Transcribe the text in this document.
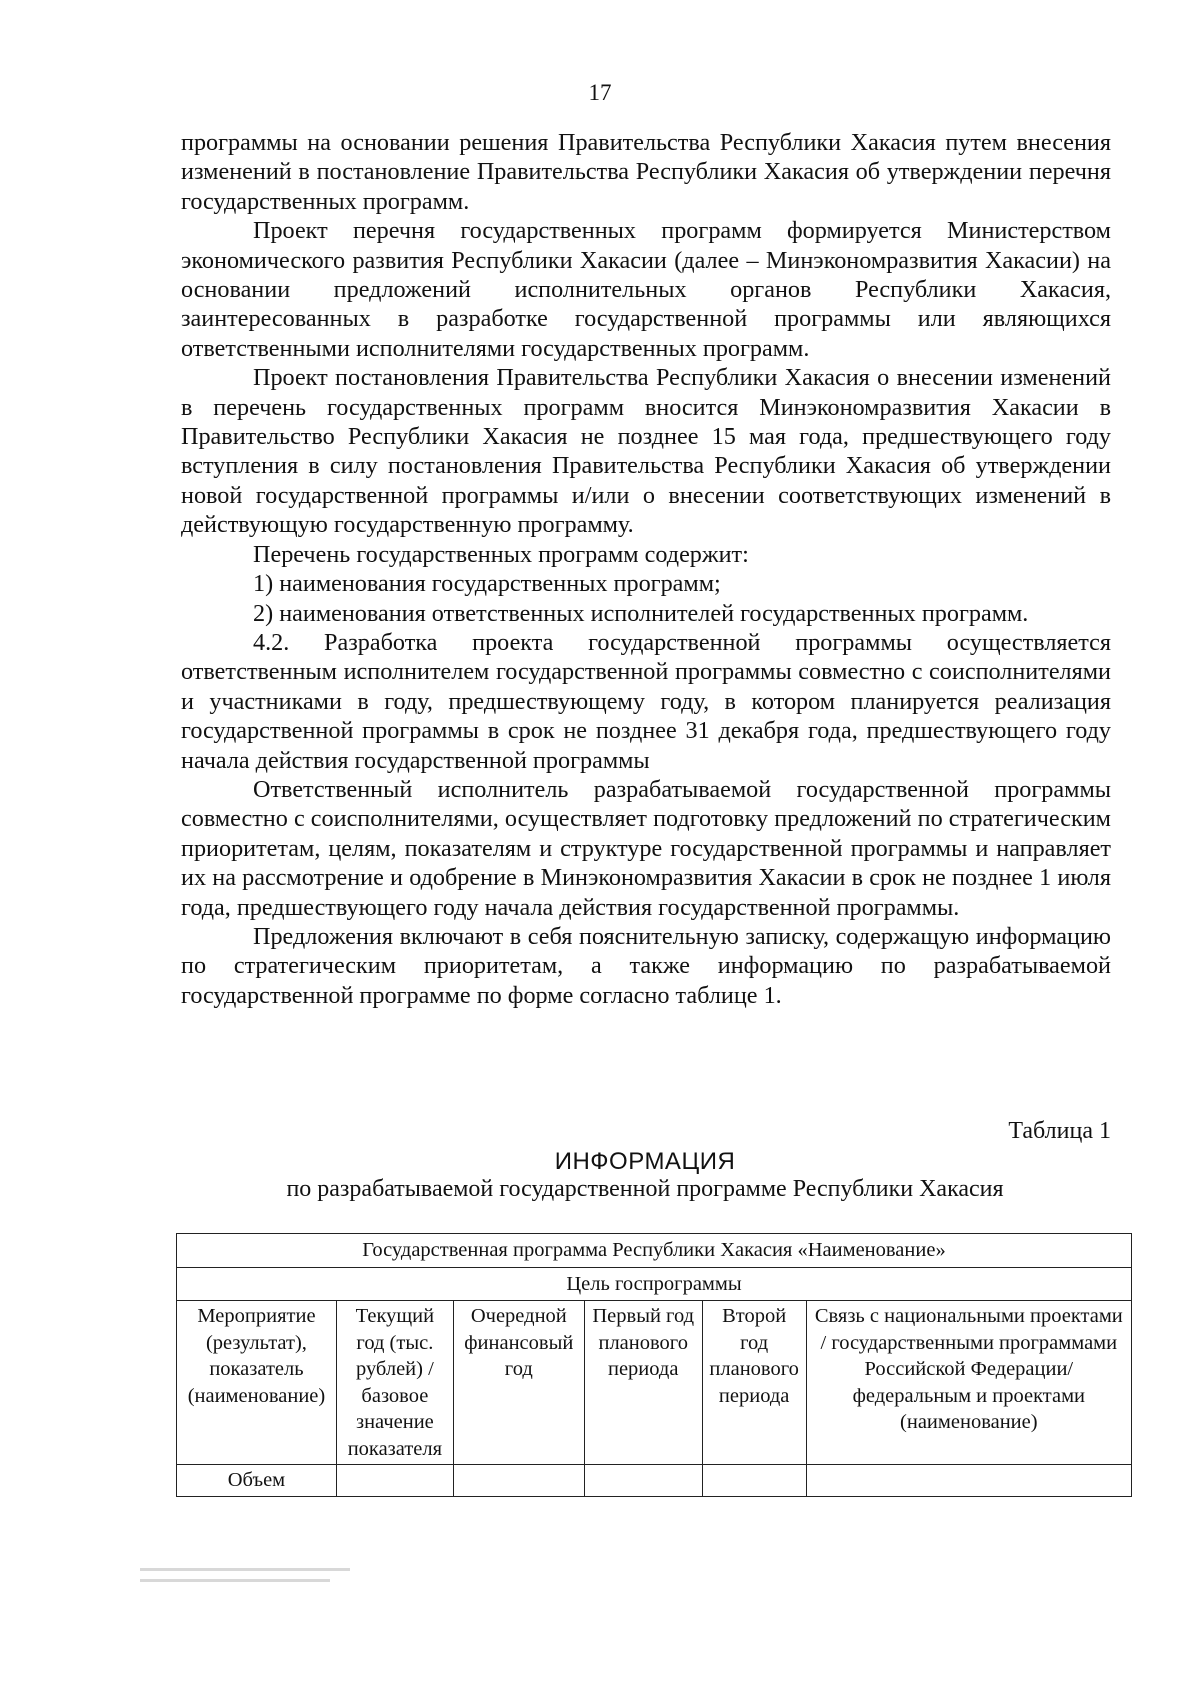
17

программы на основании решения Правительства Республики Хакасия путем внесения изменений в постановление Правительства Республики Хакасия об утверждении перечня государственных программ.

Проект перечня государственных программ формируется Министерством экономического развития Республики Хакасии (далее – Минэкономразвития Хакасии) на основании предложений исполнительных органов Республики Хакасия, заинтересованных в разработке государственной программы или являющихся ответственными исполнителями государственных программ.

Проект постановления Правительства Республики Хакасия о внесении изменений в перечень государственных программ вносится Минэкономразвития Хакасии в Правительство Республики Хакасия не позднее 15 мая года, предшествующего году вступления в силу постановления Правительства Республики Хакасия об утверждении новой государственной программы и/или о внесении соответствующих изменений в действующую государственную программу.

Перечень государственных программ содержит:

1) наименования государственных программ;

2) наименования ответственных исполнителей государственных программ.

4.2. Разработка проекта государственной программы осуществляется ответственным исполнителем государственной программы совместно с соисполнителями и участниками в году, предшествующему году, в котором планируется реализация государственной программы в срок не позднее 31 декабря года, предшествующего году начала действия государственной программы

Ответственный исполнитель разрабатываемой государственной программы совместно с соисполнителями, осуществляет подготовку предложений по стратегическим приоритетам, целям, показателям и структуре государственной программы и направляет их на рассмотрение и одобрение в Минэкономразвития Хакасии в срок не позднее 1 июля года, предшествующего году начала действия государственной программы.

Предложения включают в себя пояснительную записку, содержащую информацию по стратегическим приоритетам, а также информацию по разрабатываемой государственной программе по форме согласно таблице 1.

Таблица 1
ИНФОРМАЦИЯ
по разрабатываемой государственной программе Республики Хакасия
Государственная программа Республики Хакасия «Наименование»					
Цель госпрограммы					
Мероприятие (результат), показатель (наименование)	Текущий год (тыс. рублей) / базовое значение показателя	Очередной финансовый год	Первый год планового периода	Второй год планового периода	Связь с национальными проектами / государственными программами Российской Федерации/федеральным и проектами (наименование)
Объем					
